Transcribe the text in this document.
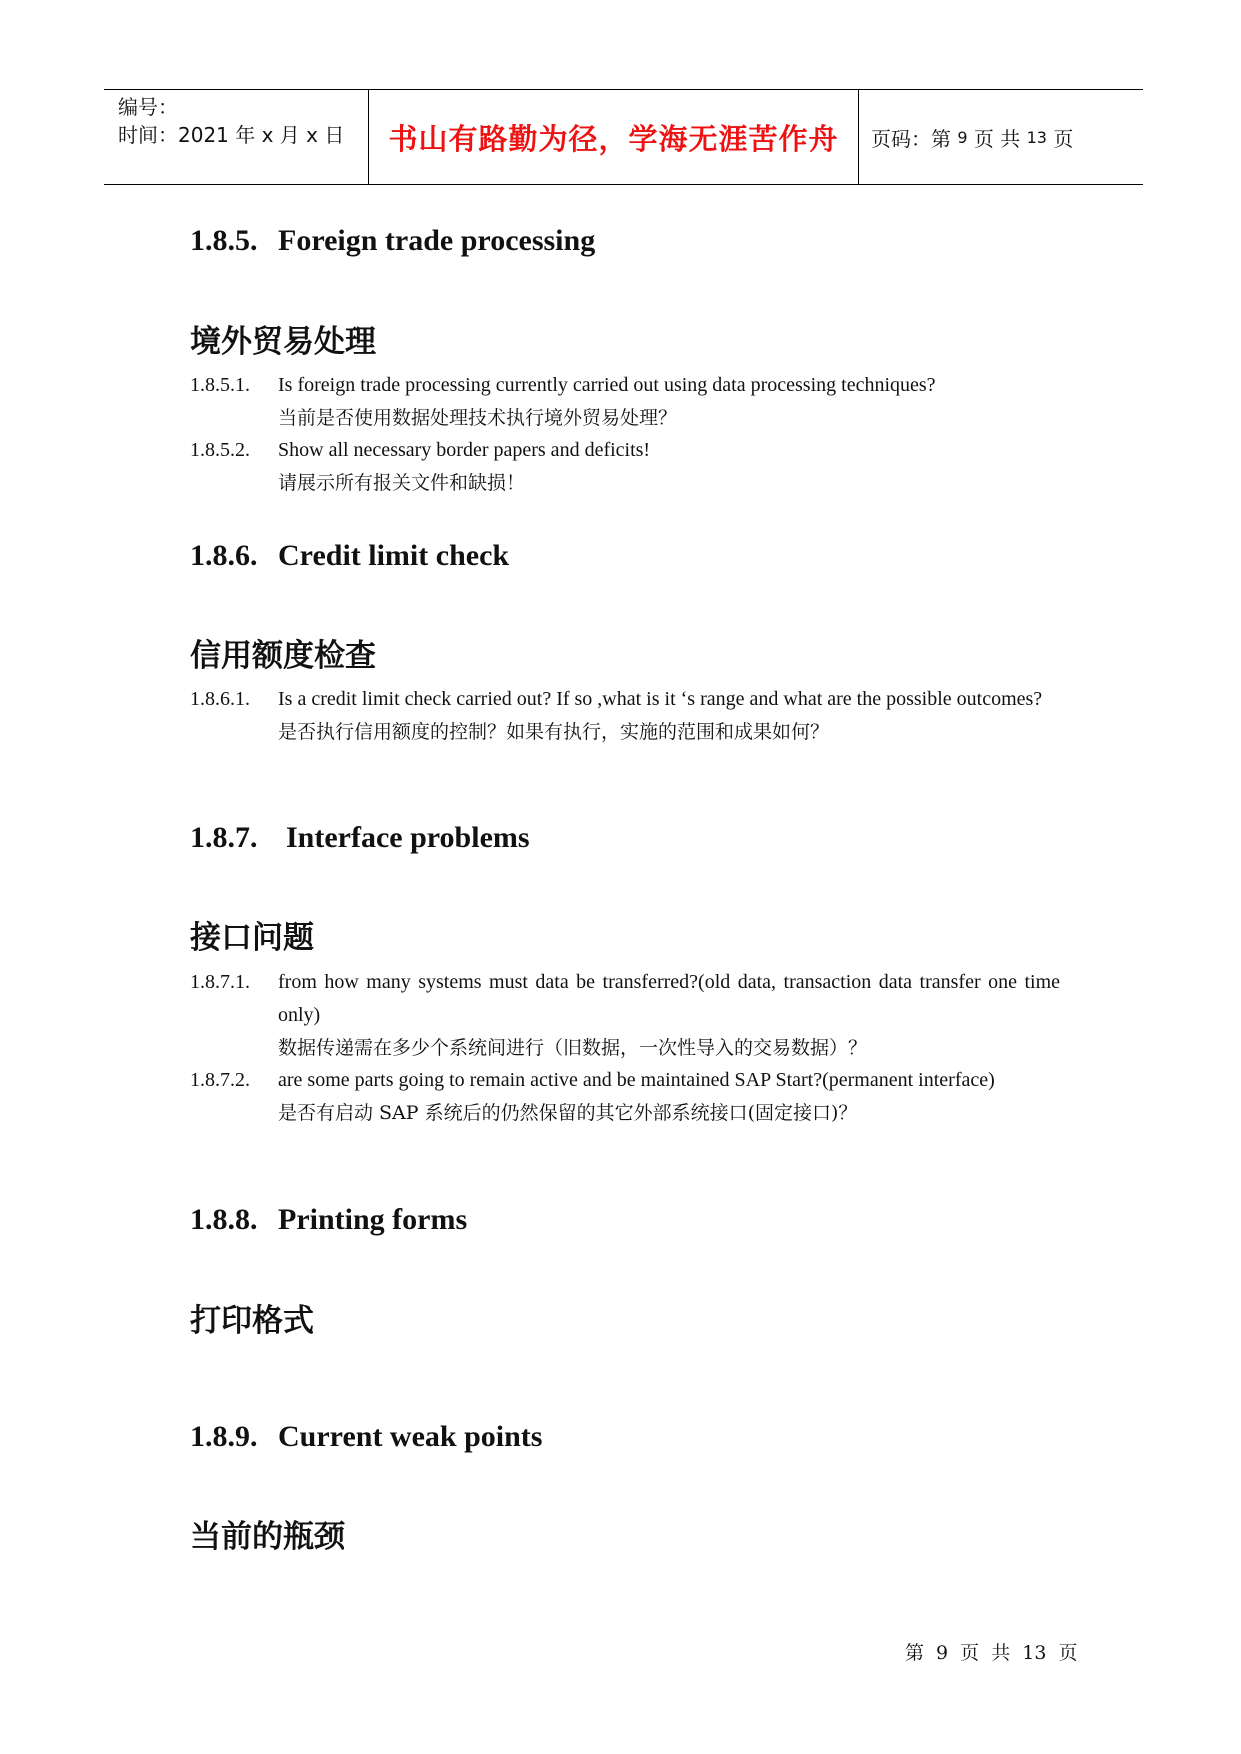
编号：
时间：2021 年 x 月 x 日	书山有路勤为径，学海无涯苦作舟 页码：第
9
页 共
13
页
1.8.5. Foreign trade processing
境外贸易处理
1.8.5.1. Is foreign trade processing currently carried out using data processing techniques?
当前是否使用数据处理技术执行境外贸易处理？
1.8.5.2. Show all necessary border papers and deficits!
请展示所有报关文件和缺损！
1.8.6. Credit limit check
信用额度检查
1.8.6.1. Is a credit limit check carried out? If so ,what is it ‘s range and what are the possible outcomes?
是否执行信用额度的控制？如果有执行，实施的范围和成果如何？
1.8.7. Interface problems
接口问题
1.8.7.1. from how many systems must data be transferred?(old data, transaction data transfer one time only)
数据传递需在多少个系统间进行（旧数据，一次性导入的交易数据）？
1.8.7.2. are some parts going to remain active and be maintained SAP Start?(permanent interface)
是否有启动 SAP 系统后的仍然保留的其它外部系统接口(固定接口)？
1.8.8. Printing forms
打印格式
1.8.9. Current weak points
当前的瓶颈
第 9 页 共 13 页
